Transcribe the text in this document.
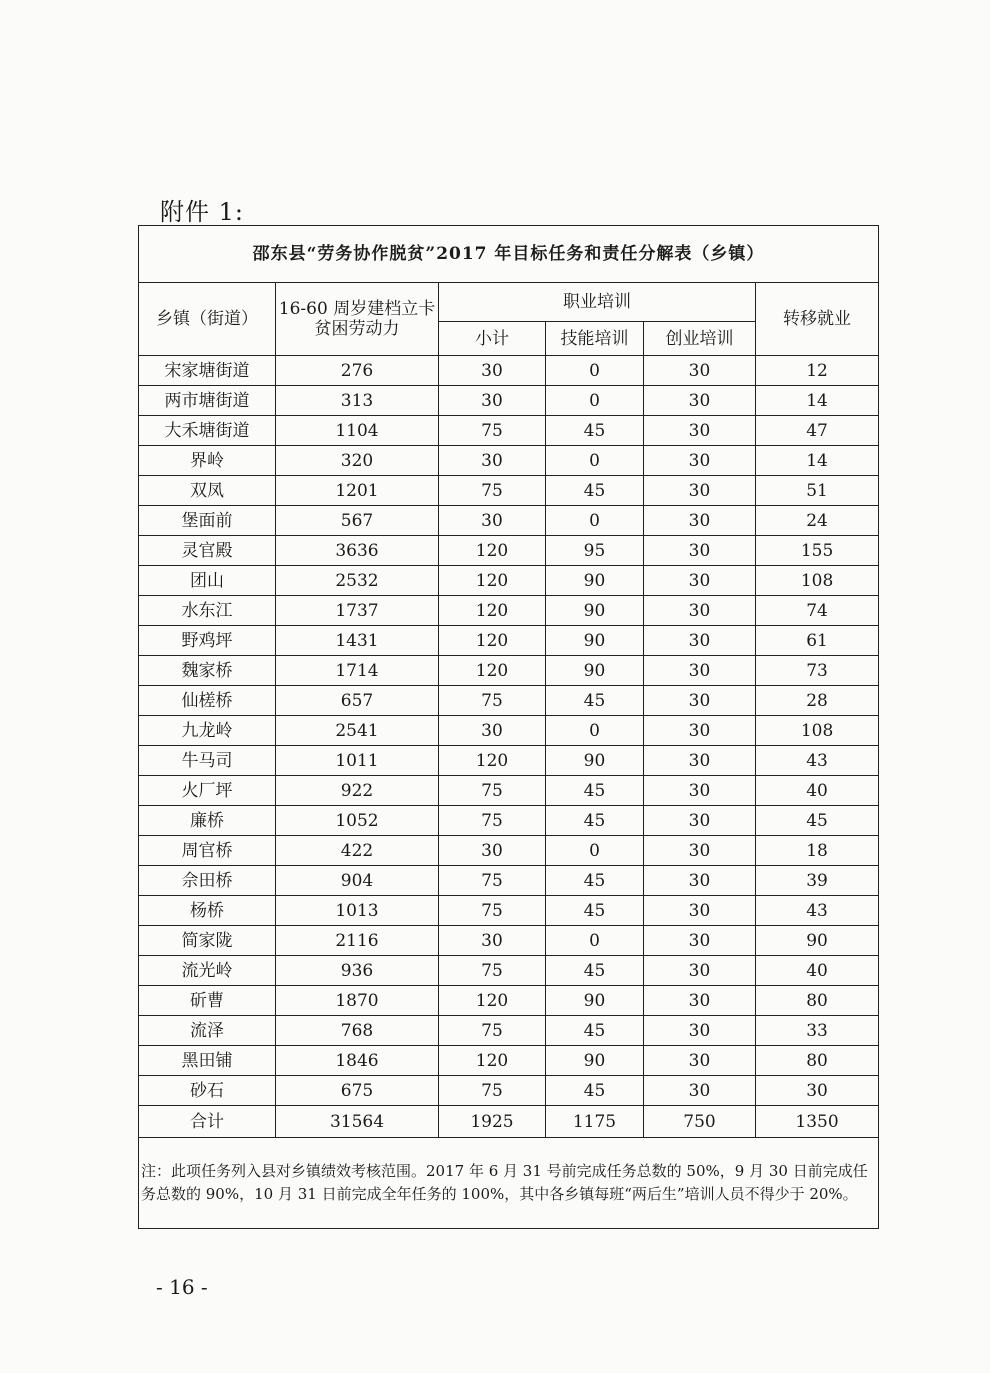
附件 1:
邵东县“劳务协作脱贫”2017 年目标任务和责任分解表（乡镇）					
乡镇（街道）	16-60 周岁建档立卡贫困劳动力	职业培训			转移就业
		小计	技能培训	创业培训	
宋家塘街道	276	30	0	30	12
两市塘街道	313	30	0	30	14
大禾塘街道	1104	75	45	30	47
界岭	320	30	0	30	14
双凤	1201	75	45	30	51
堡面前	567	30	0	30	24
灵官殿	3636	120	95	30	155
团山	2532	120	90	30	108
水东江	1737	120	90	30	74
野鸡坪	1431	120	90	30	61
魏家桥	1714	120	90	30	73
仙槎桥	657	75	45	30	28
九龙岭	2541	30	0	30	108
牛马司	1011	120	90	30	43
火厂坪	922	75	45	30	40
廉桥	1052	75	45	30	45
周官桥	422	30	0	30	18
佘田桥	904	75	45	30	39
杨桥	1013	75	45	30	43
简家陇	2116	30	0	30	90
流光岭	936	75	45	30	40
斫曹	1870	120	90	30	80
流泽	768	75	45	30	33
黑田铺	1846	120	90	30	80
砂石	675	75	45	30	30
合计	31564	1925	1175	750	1350
注：此项任务列入县对乡镇绩效考核范围。2017 年 6 月 31 号前完成任务总数的 50%，9 月 30 日前完成任务总数的 90%，10 月 31 日前完成全年任务的 100%，其中各乡镇每班“两后生”培训人员不得少于 20%。					
- 16 -
